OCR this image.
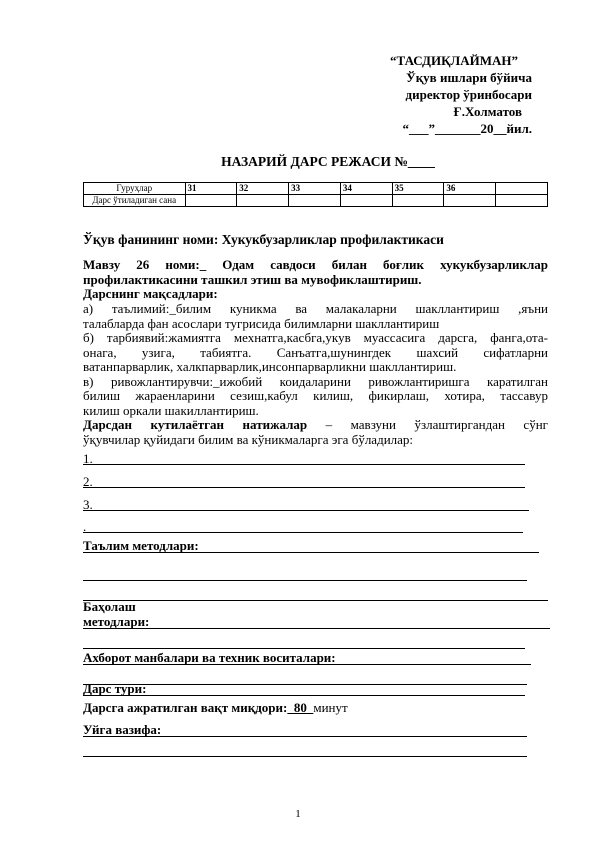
“ТАСДИҚЛАЙМАН”
Ўқув ишлари бўйича
директор ўринбосари
Ғ.Холматов
“___”_______20__йил.
НАЗАРИЙ ДАРС РЕЖАСИ №____
Гуруҳлар	31	32	33	34	35	36	
Дарс ўтиладиган сана							
Ўқув фанининг номи: Хукукбузарликлар профилактикаси
Мавзу 26 номи:_ Одам савдоси билан боғлик хукукбузарликлар
профилактикасини ташкил этиш ва мувофиклаштириш.
Дарснинг мақсадлари:
а) таълимий:_билим куникма ва малакаларни шакллантириш ,яъни
талабларда фан асослари тугрисида билимларни шакллантириш
б) тарбиявий:жамиятга мехнатга,касбга,укув муассасига дарсга, фанга,ота-
онага, узига, табиятга. Санъатга,шунингдек шахсий сифатларни
ватанпарварлик, халкпарварлик,инсонпарварликни шакллантириш.
в) ривожлантирувчи:_ижобий коидаларини ривожлантиришга каратилган
билиш жараенларини сезиш,кабул килиш, фикирлаш, хотира, тассавур
килиш оркали шакиллантириш.
Дарсдан кутилаётган натижалар – мавзуни ўзлаштиргандан сўнг
ўқувчилар қуйидаги билим ва кўникмаларга эга бўладилар:
1.
2.
3.
.
Таълим методлари:
Баҳолаш
методлари:
Ахборот манбалари ва техник воситалари:
Дарс тури:
Дарсга ажратилган вақт миқдори: 80 минут
Уйга вазифа:
1
